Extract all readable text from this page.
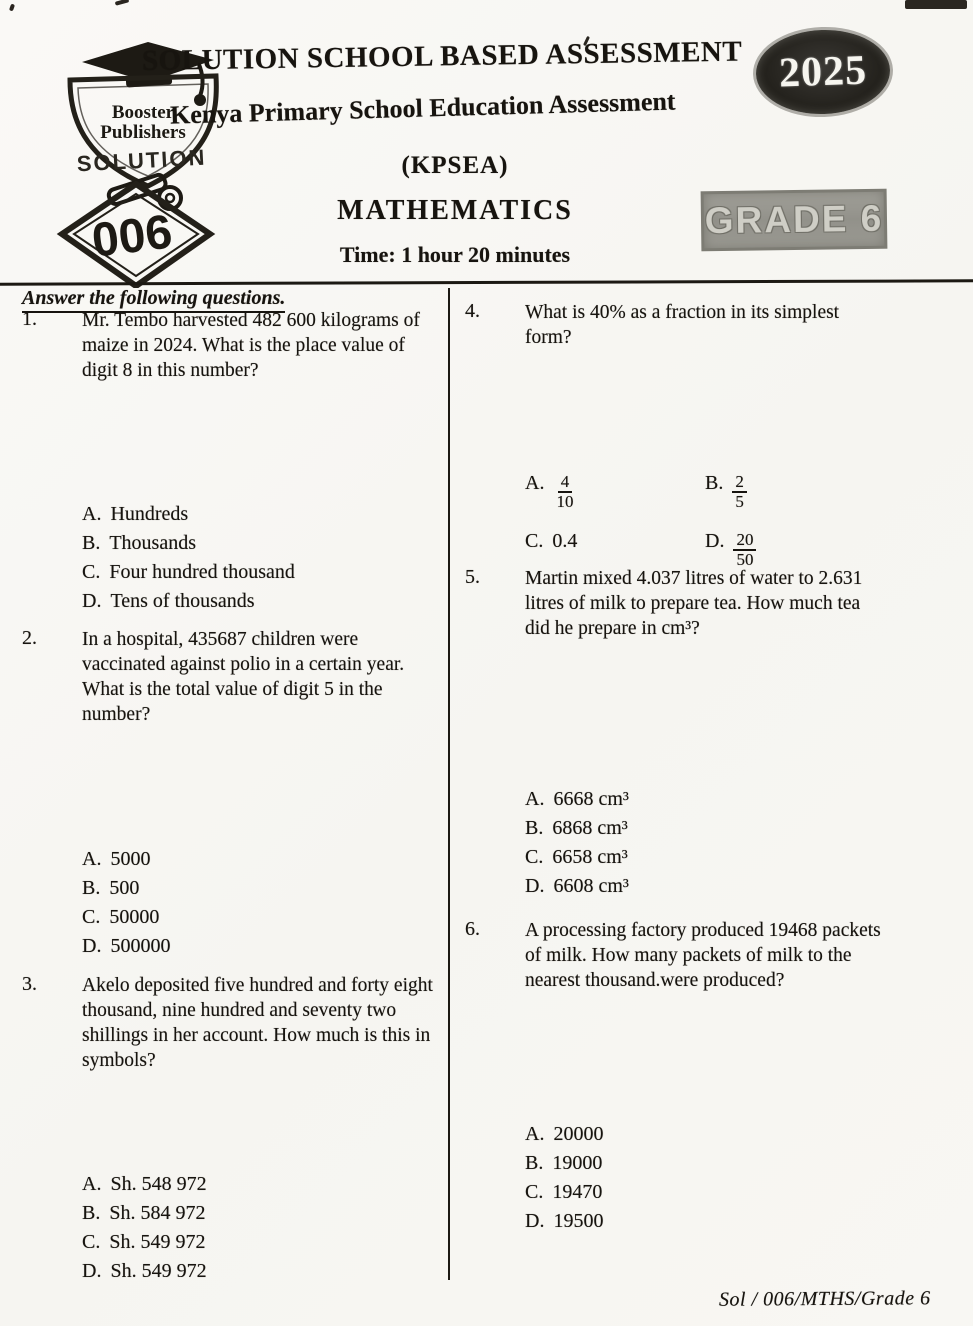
Booster
Publishers
SOLUTION
006
SOLUTION SCHOOL BASED ASSESSMENT 2025
Kenya Primary School Education Assessment
(KPSEA)
MATHEMATICS	GRADE 6
Time: 1 hour 20 minutes
Answer the following questions.
1.	Mr. Tembo harvested 482 600 kilograms of maize in 2024. What is the place value of digit 8 in this number?
A. Hundreds
B. Thousands
C. Four hundred thousand
D. Tens of thousands
2.	In a hospital, 435687 children were vaccinated against polio in a certain year. What is the total value of digit 5 in the number?
A. 5000
B. 500
C. 50000
D. 500000
3.	Akelo deposited five hundred and forty eight thousand, nine hundred and seventy two shillings in her account. How much is this in symbols?
A. Sh. 548 972
B. Sh. 584 972
C. Sh. 549 972
D. Sh. 549 972
4.	What is 40% as a fraction in its simplest form?
A. $\frac{4}{10}$	B. $\frac{2}{5}$
C. 0.4	D. $\frac{20}{50}$
5.	Martin mixed 4.037 litres of water to 2.631 litres of milk to prepare tea. How much tea did he prepare in cm³?
A. 6668 cm³
B. 6868 cm³
C. 6658 cm³
D. 6608 cm³
6.	A processing factory produced 19468 packets of milk. How many packets of milk to the nearest thousand.were produced?
A. 20000
B. 19000
C. 19470
D. 19500
Sol / 006/MTHS/Grade 6
